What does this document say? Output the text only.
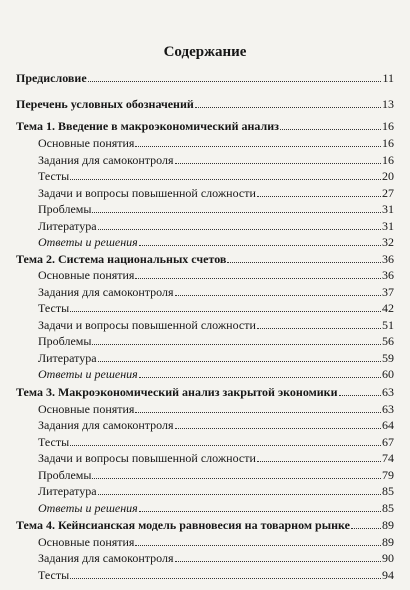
Содержание
Предисловие	11
Перечень условных обозначений	13
Тема 1. Введение в макроэкономический анализ	16
Основные понятия	16
Задания для самоконтроля	16
Тесты	20
Задачи и вопросы повышенной сложности	27
Проблемы	31
Литература	31
Ответы и решения	32
Тема 2. Система национальных счетов	36
Основные понятия	36
Задания для самоконтроля	37
Тесты	42
Задачи и вопросы повышенной сложности	51
Проблемы	56
Литература	59
Ответы и решения	60
Тема 3. Макроэкономический анализ закрытой экономики	63
Основные понятия	63
Задания для самоконтроля	64
Тесты	67
Задачи и вопросы повышенной сложности	74
Проблемы	79
Литература	85
Ответы и решения	85
Тема 4. Кейнсианская модель равновесия на товарном рынке	89
Основные понятия	89
Задания для самоконтроля	90
Тесты	94
